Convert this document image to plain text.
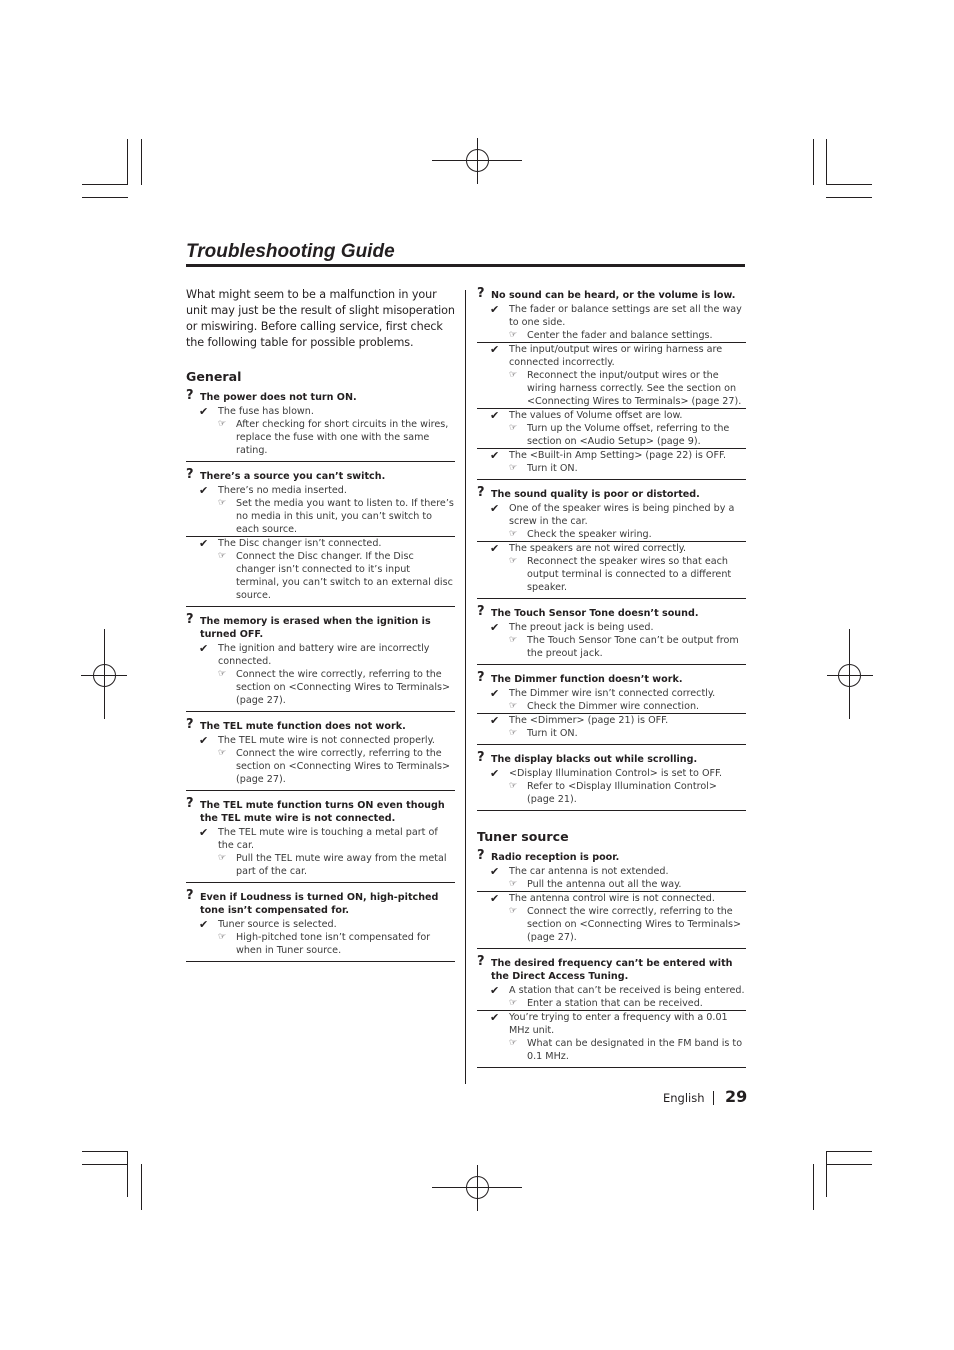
Troubleshooting Guide

What might seem to be a malfunction in your unit may just be the result of slight misoperation or miswiring. Before calling service, first check the following table for possible problems.

General
? The power does not turn ON.
✔ The fuse has blown.
☞ After checking for short circuits in the wires, replace the fuse with one with the same rating.
? There’s a source you can’t switch.
✔ There’s no media inserted.
☞ Set the media you want to listen to. If there’s no media in this unit, you can’t switch to each source.
✔ The Disc changer isn’t connected.
☞ Connect the Disc changer. If the Disc changer isn’t connected to it’s input terminal, you can’t switch to an external disc source.
? The memory is erased when the ignition is turned OFF.
✔ The ignition and battery wire are incorrectly connected.
☞ Connect the wire correctly, referring to the section on <Connecting Wires to Terminals> (page 27).
? The TEL mute function does not work.
✔ The TEL mute wire is not connected properly.
☞ Connect the wire correctly, referring to the section on <Connecting Wires to Terminals> (page 27).
? The TEL mute function turns ON even though the TEL mute wire is not connected.
✔ The TEL mute wire is touching a metal part of the car.
☞ Pull the TEL mute wire away from the metal part of the car.
? Even if Loudness is turned ON, high-pitched tone isn’t compensated for.
✔ Tuner source is selected.
☞ High-pitched tone isn’t compensated for when in Tuner source.
? No sound can be heard, or the volume is low.
✔ The fader or balance settings are set all the way to one side.
☞ Center the fader and balance settings.
✔ The input/output wires or wiring harness are connected incorrectly.
☞ Reconnect the input/output wires or the wiring harness correctly. See the section on <Connecting Wires to Terminals> (page 27).
✔ The values of Volume offset are low.
☞ Turn up the Volume offset, referring to the section on <Audio Setup> (page 9).
✔ The <Built-in Amp Setting> (page 22) is OFF.
☞ Turn it ON.
? The sound quality is poor or distorted.
✔ One of the speaker wires is being pinched by a screw in the car.
☞ Check the speaker wiring.
✔ The speakers are not wired correctly.
☞ Reconnect the speaker wires so that each output terminal is connected to a different speaker.
? The Touch Sensor Tone doesn’t sound.
✔ The preout jack is being used.
☞ The Touch Sensor Tone can’t be output from the preout jack.
? The Dimmer function doesn’t work.
✔ The Dimmer wire isn’t connected correctly.
☞ Check the Dimmer wire connection.
✔ The <Dimmer> (page 21) is OFF.
☞ Turn it ON.
? The display blacks out while scrolling.
✔ <Display Illumination Control> is set to OFF.
☞ Refer to <Display Illumination Control> (page 21).
Tuner source
? Radio reception is poor.
✔ The car antenna is not extended.
☞ Pull the antenna out all the way.
✔ The antenna control wire is not connected.
☞ Connect the wire correctly, referring to the section on <Connecting Wires to Terminals> (page 27).
? The desired frequency can’t be entered with the Direct Access Tuning.
✔ A station that can’t be received is being entered.
☞ Enter a station that can be received.
✔ You’re trying to enter a frequency with a 0.01 MHz unit.
☞ What can be designated in the FM band is to 0.1 MHz.
English 29
